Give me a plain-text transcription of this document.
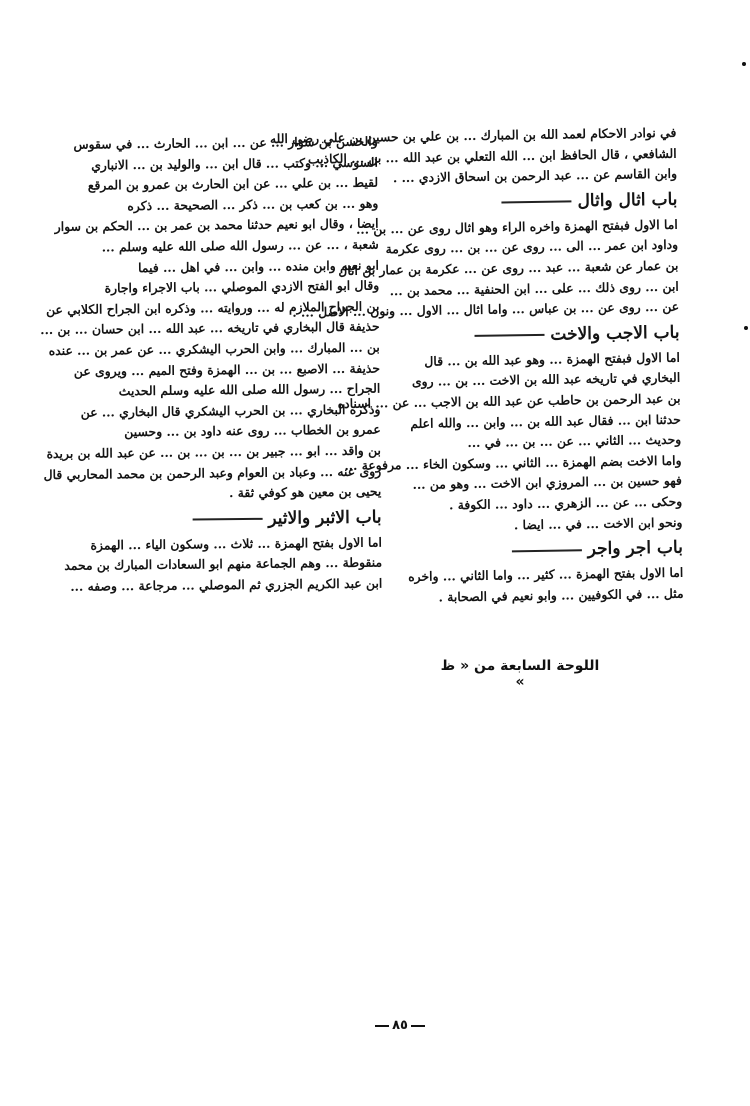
في نوادر الاحكام لعمد الله بن المبارك ... بن علي بن حسين بن علي رضي الله
الشافعي ، قال الحافظ ابن ... الله التعلي بن عبد الله ... بن ... الكاذيب
وابن القاسم عن ... عبد الرحمن بن اسحاق الازدي ... .
باب اثال واثال
اما الاول فبفتح الهمزة واخره الراء وهو اثال روى عن ... بن ...
وداود ابن عمر ... الى ... روى عن ... بن ... روى عكرمة
بن عمار عن شعبة ... عبد ... روى عن ... عكرمة بن عمار بن اثال
ابن ... روى ذلك ... على ... ابن الحنفية ... محمد بن ...
عن ... روى عن ... بن عباس ... واما اثال ... الاول ... ونون ... الاصل ... .
باب الاجب والاخت
اما الاول فبفتح الهمزة ... وهو عبد الله بن ... قال
البخاري في تاريخه عبد الله بن الاخت ... بن ... روى
بن عبد الرحمن بن حاطب عن عبد الله بن الاجب ... عن ... اسناده
حدثنا ابن ... فقال عبد الله بن ... وابن ... والله اعلم
وحديث ... الثاني ... عن ... بن ... في ...
واما الاخت بضم الهمزة ... الثاني ... وسكون الخاء ... مرفوعة ...
فهو حسين بن ... المروزي ابن الاخت ... وهو من ...
وحكى ... عن ... الزهري ... داود ... الكوفة .
ونحو ابن الاخت ... في ... ايضا .
باب اجر واجر
اما الاول بفتح الهمزة ... كثير ... واما الثاني ... واخره
مثل ... في الكوفيين ... وابو نعيم في الصحابة .
والحسن بن سوار ... عن ... ابن ... الحارث ... في سقوس
السوسي ... وكتب ... قال ابن ... والوليد بن ... الانباري
لقيط ... بن علي ... عن ابن الحارث بن عمرو بن المرقع
وهو ... بن كعب بن ... ذكر ... الصحيحة ... ذكره
ايضا ، وقال ابو نعيم حدثنا محمد بن عمر بن ... الحكم بن سوار
شعبة ، ... عن ... رسول الله صلى الله عليه وسلم ...
ابو نعيم وابن منده ... وابن ... في اهل ... فيما
وقال ابو الفتح الازدي الموصلي ... باب الاجراء واجارة
بن الجراح الملازم له ... وروايته ... وذكره ابن الجراح الكلابي عن
حذيفة قال البخاري في تاريخه ... عبد الله ... ابن حسان ... بن ...
بن ... المبارك ... وابن الحرب اليشكري ... عن عمر بن ... عنده
حذيفة ... الاصبع ... بن ... الهمزة وفتح الميم ... ويروى عن
الجراح ... رسول الله صلى الله عليه وسلم الحديث
وذكره البخاري ... بن الحرب اليشكري قال البخاري ... عن
عمرو بن الخطاب ... روى عنه داود بن ... وحسين
بن واقد ... ابو ... جبير بن ... بن ... بن ... عن عبد الله بن بريدة
روى عنه ... وعباد بن العوام وعبد الرحمن بن محمد المحاربي قال
يحيى بن معين هو كوفي ثقة .
باب الاثبر والاثير
اما الاول بفتح الهمزة ... ثلاث ... وسكون الياء ... الهمزة
منقوطة ... وهم الجماعة منهم ابو السعادات المبارك بن محمد
ابن عبد الكريم الجزري ثم الموصلي ... مرجاعة ... وصفه ...
اللوحة السابعة من « ظ »
٨٥
